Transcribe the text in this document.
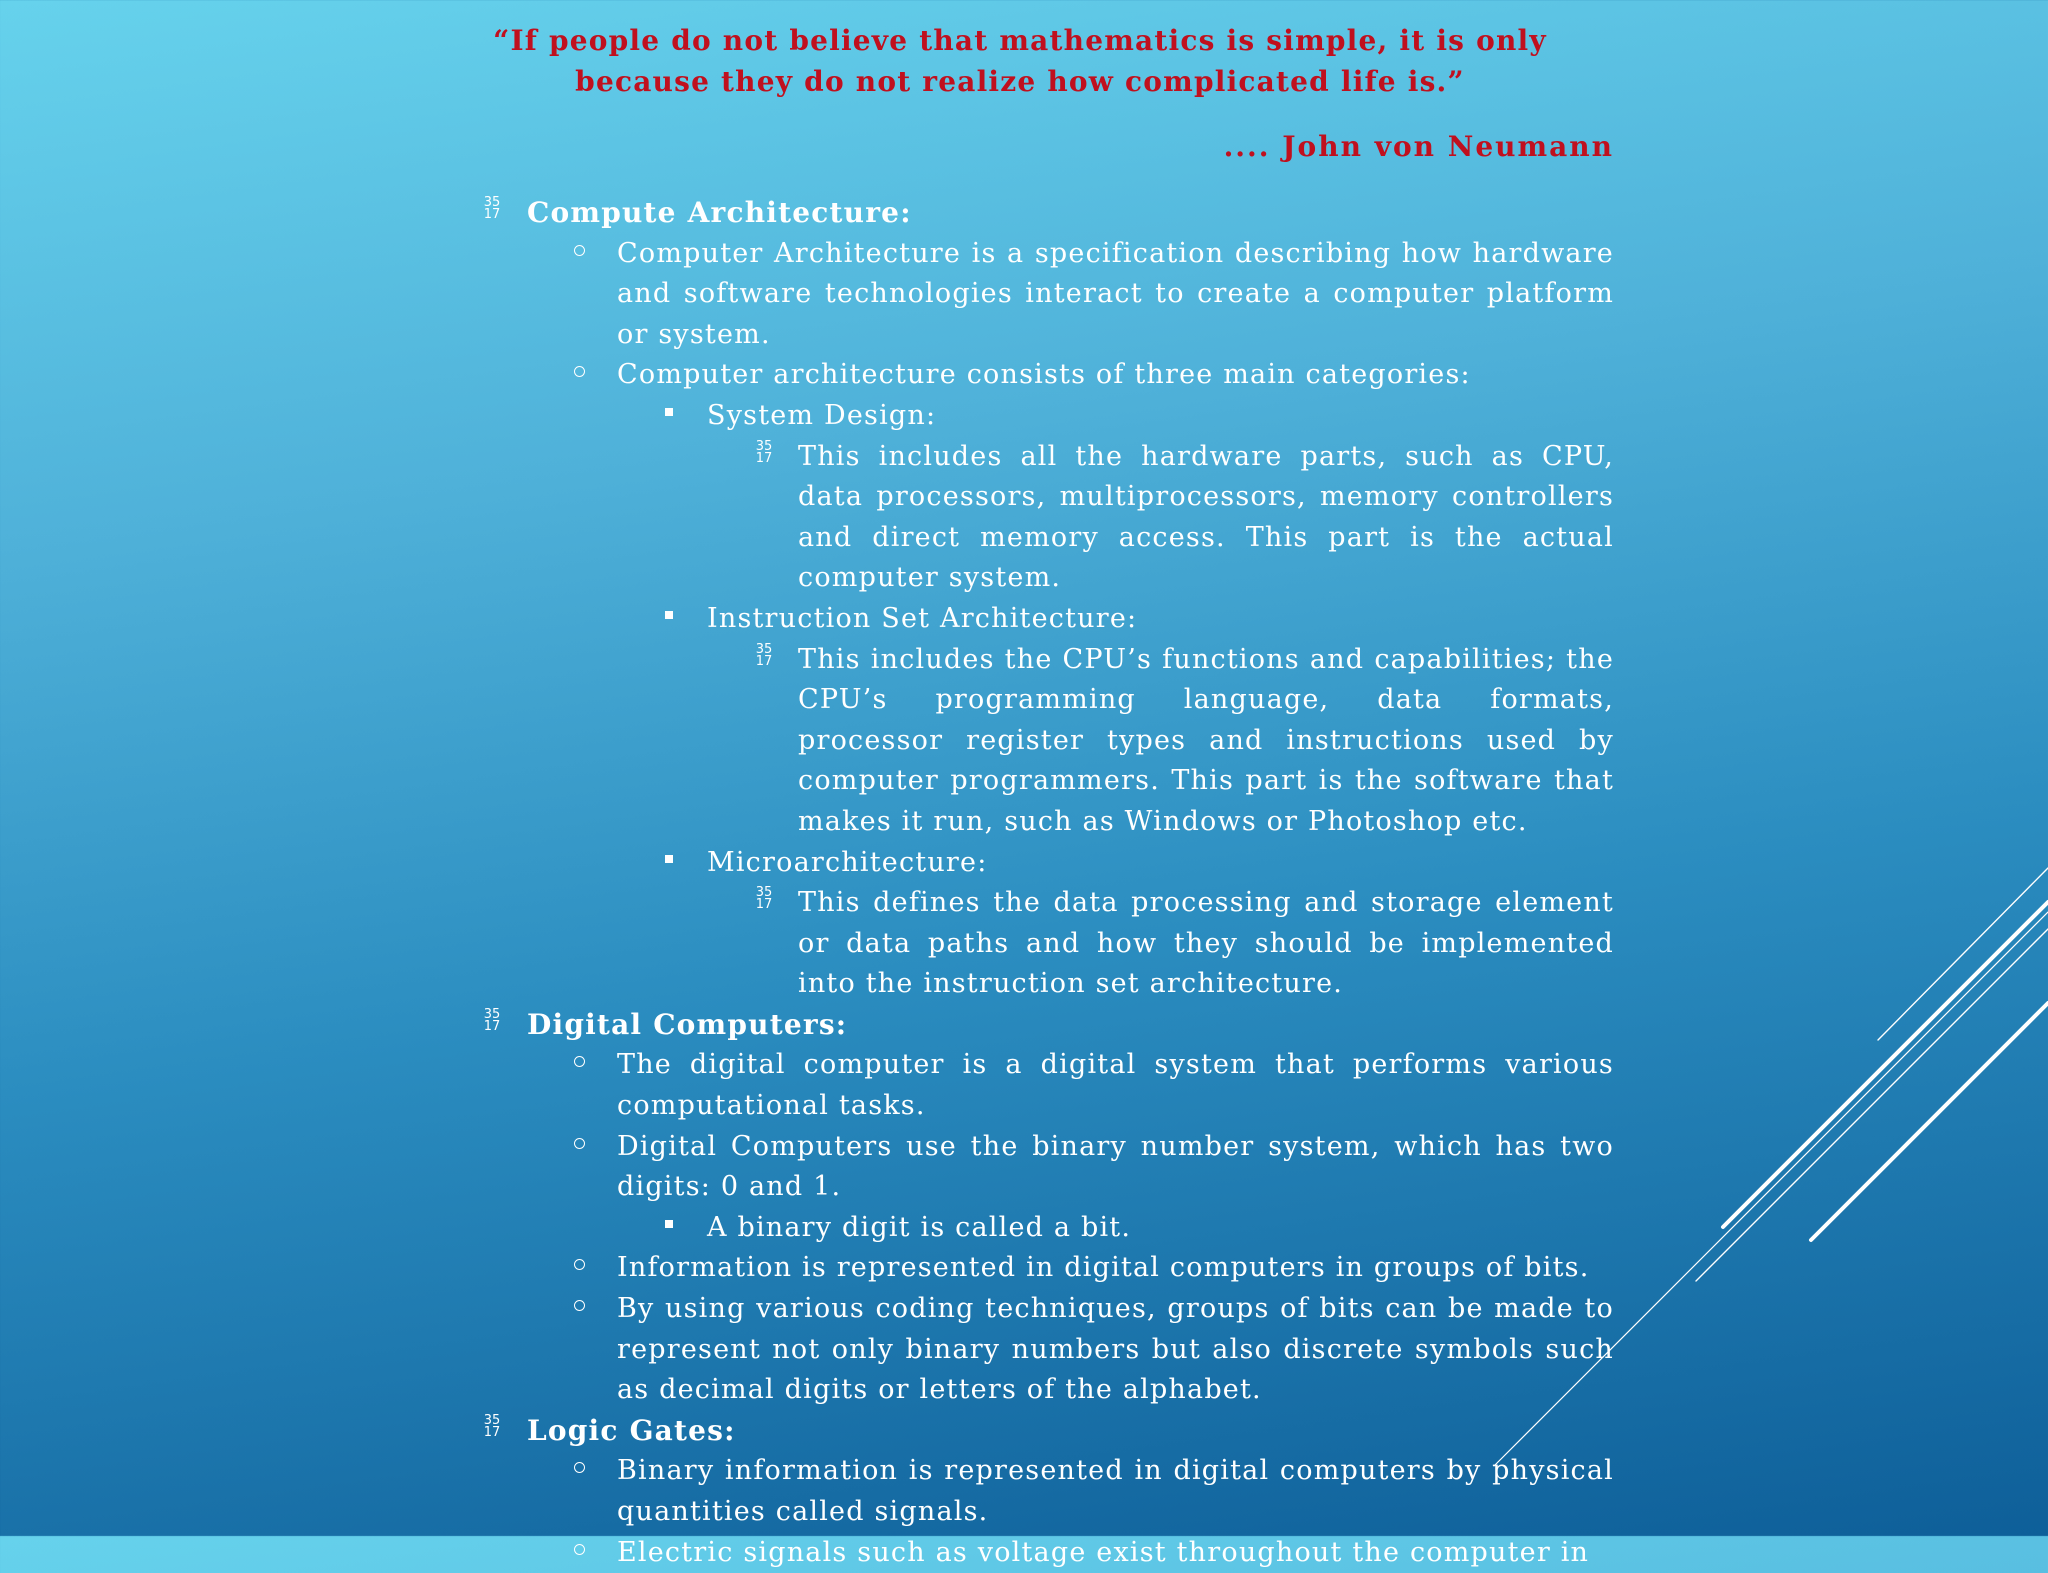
“If people do not believe that mathematics is simple, it is only because they do not realize how complicated life is.”
.... John von Neumann
35
17 Compute Architecture:
Computer Architecture is a specification describing how hardware and software technologies interact to create a computer platform or system.
Computer architecture consists of three main categories:
System Design:
35
17 This includes all the hardware parts, such as CPU, data processors, multiprocessors, memory controllers and direct memory access. This part is the actual computer system.
Instruction Set Architecture:
35
17 This includes the CPU’s functions and capabilities; the CPU’s programming language, data formats, processor register types and instructions used by computer programmers. This part is the software that makes it run, such as Windows or Photoshop etc.
Microarchitecture:
35
17 This defines the data processing and storage element or data paths and how they should be implemented into the instruction set architecture.
35
17 Digital Computers:
The digital computer is a digital system that performs various computational tasks.
Digital Computers use the binary number system, which has two digits: 0 and 1.
A binary digit is called a bit.
Information is represented in digital computers in groups of bits.
By using various coding techniques, groups of bits can be made to represent not only binary numbers but also discrete symbols such as decimal digits or letters of the alphabet.
35
17 Logic Gates:
Binary information is represented in digital computers by physical quantities called signals.
Electric signals such as voltage exist throughout the computer in
